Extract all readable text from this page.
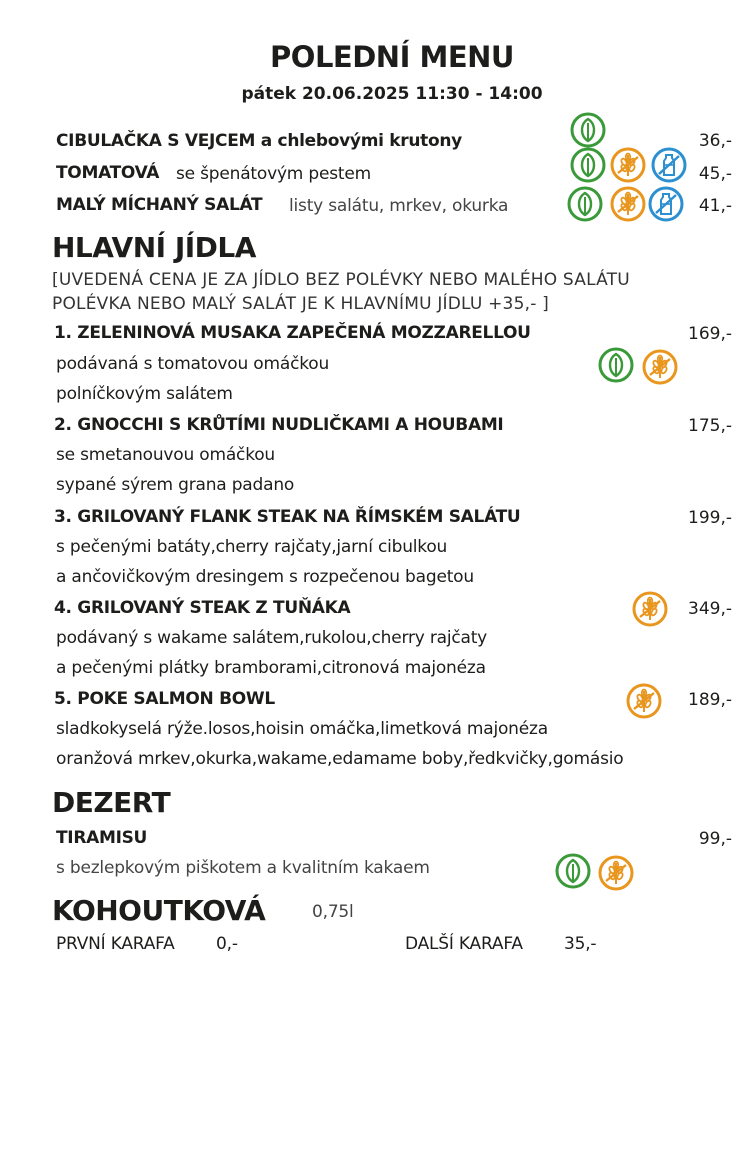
POLEDNÍ MENU
pátek 20.06.2025 11:30 - 14:00
CIBULAČKA S VEJCEM a chlebovými krutony	36,-
TOMATOVÁ se špenátovým pestem	45,-
MALÝ MÍCHANÝ SALÁT listy salátu, mrkev, okurka	41,-
HLAVNÍ JÍDLA
[UVEDENÁ CENA JE ZA JÍDLO BEZ POLÉVKY NEBO MALÉHO SALÁTU
POLÉVKA NEBO MALÝ SALÁT JE K HLAVNÍMU JÍDLU +35,- ]
1. ZELENINOVÁ MUSAKA ZAPEČENÁ MOZZARELLOU	169,-
podávaná s tomatovou omáčkou
polníčkovým salátem
2. GNOCCHI S KRŮTÍMI NUDLIČKAMI A HOUBAMI	175,-
se smetanouvou omáčkou
sypané sýrem grana padano
3. GRILOVANÝ FLANK STEAK NA ŘÍMSKÉM SALÁTU	199,-
s pečenými batáty,cherry rajčaty,jarní cibulkou
a ančovičkovým dresingem s rozpečenou bagetou
4. GRILOVANÝ STEAK Z TUŇÁKA	349,-
podávaný s wakame salátem,rukolou,cherry rajčaty
a pečenými plátky bramborami,citronová majonéza
5. POKE SALMON BOWL	189,-
sladkokyselá rýže.losos,hoisin omáčka,limetková majonéza
oranžová mrkev,okurka,wakame,edamame boby,ředkvičky,gomásio
DEZERT
TIRAMISU	99,-
s bezlepkovým piškotem a kvalitním kakaem
KOHOUTKOVÁ	0,75l
PRVNÍ KARAFA 0,-	DALŠÍ KARAFA 35,-
